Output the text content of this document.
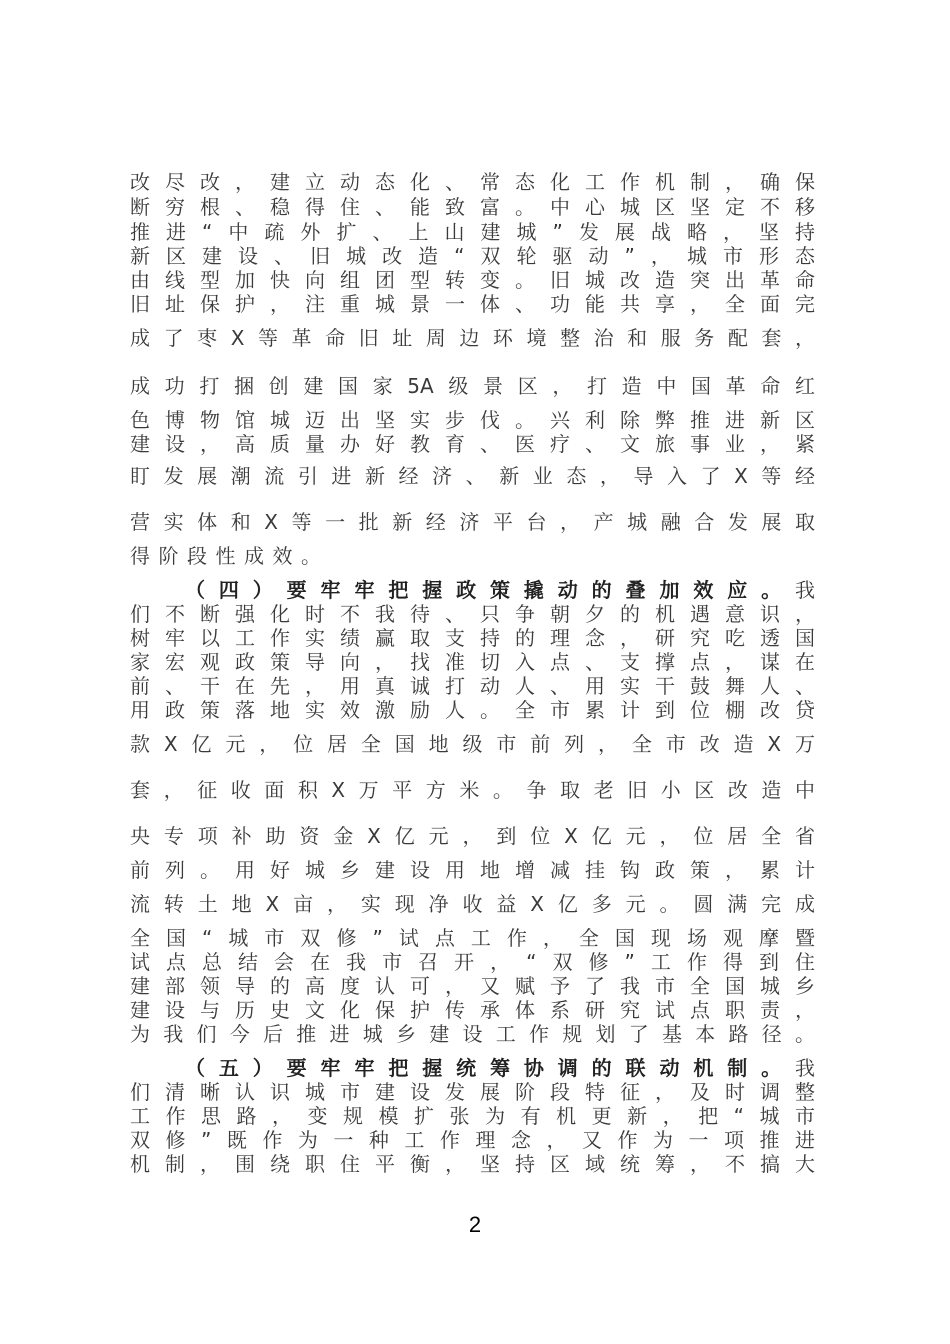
改尽改，建立动态化、常态化工作机制，确保
断穷根、稳得住、能致富。中心城区坚定不移
推进“中疏外扩、上山建城”发展战略，坚持
新区建设、旧城改造“双轮驱动”，城市形态
由线型加快向组团型转变。旧城改造突出革命
旧址保护，注重城景一体、功能共享，全面完
成了枣X等革命旧址周边环境整治和服务配套，
成功打捆创建国家5A级景区，打造中国革命红
色博物馆城迈出坚实步伐。兴利除弊推进新区
建设，高质量办好教育、医疗、文旅事业，紧
盯发展潮流引进新经济、新业态，导入了X等经
营实体和X等一批新经济平台，产城融合发展取
得阶段性成效。
（四）要牢牢把握政策撬动的叠加效应。我
们不断强化时不我待、只争朝夕的机遇意识，
树牢以工作实绩赢取支持的理念，研究吃透国
家宏观政策导向，找准切入点、支撑点，谋在
前、干在先，用真诚打动人、用实干鼓舞人、
用政策落地实效激励人。全市累计到位棚改贷
款X亿元，位居全国地级市前列，全市改造X万
套，征收面积X万平方米。争取老旧小区改造中
央专项补助资金X亿元，到位X亿元，位居全省
前列。用好城乡建设用地增减挂钩政策，累计
流转土地X亩，实现净收益X亿多元。圆满完成
全国“城市双修”试点工作，全国现场观摩暨
试点总结会在我市召开，“双修”工作得到住
建部领导的高度认可，又赋予了我市全国城乡
建设与历史文化保护传承体系研究试点职责，
为我们今后推进城乡建设工作规划了基本路径。
（五）要牢牢把握统筹协调的联动机制。我
们清晰认识城市建设发展阶段特征，及时调整
工作思路，变规模扩张为有机更新，把“城市
双修”既作为一种工作理念，又作为一项推进
机制，围绕职住平衡，坚持区域统筹，不搞大
2
